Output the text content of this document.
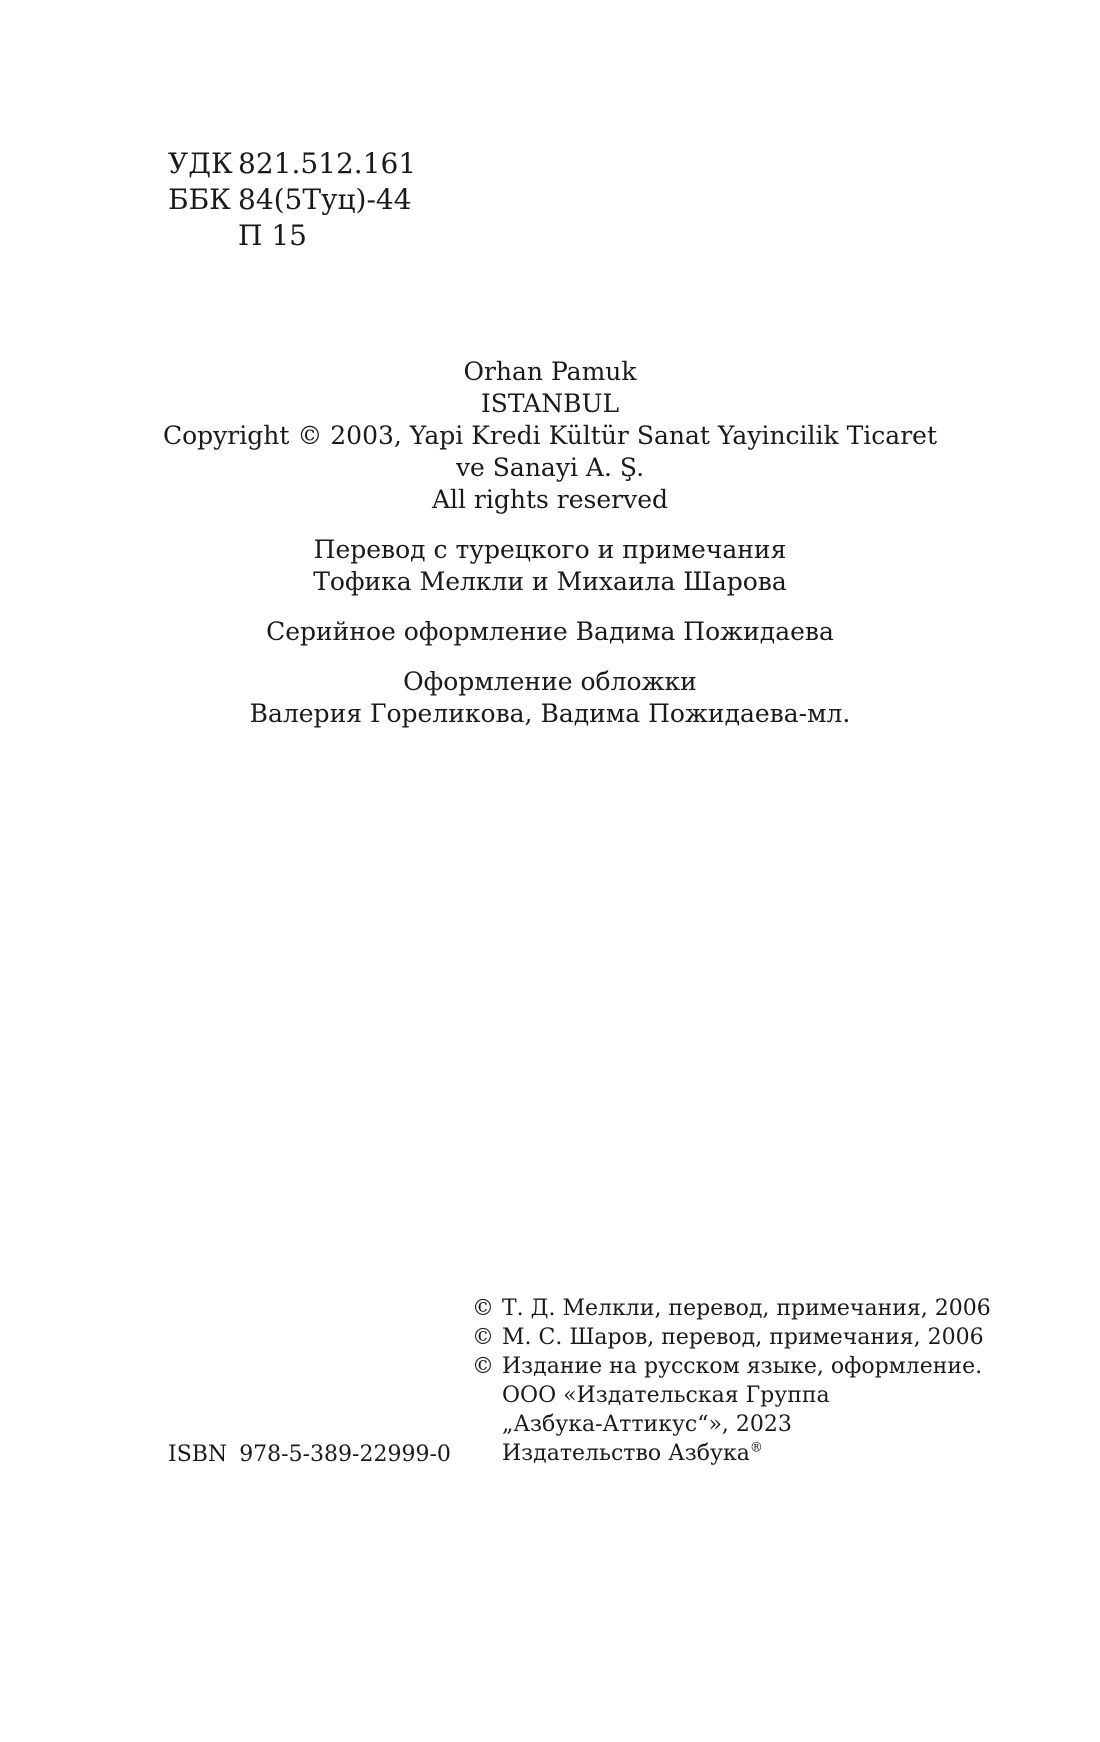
УДК 821.512.161
ББК 84(5Туц)-44
П 15
Orhan Pamuk
ISTANBUL
Copyright © 2003, Yapi Kredi Kültür Sanat Yayincilik Ticaret
ve Sanayi A. Ş.
All rights reserved
Перевод с турецкого и примечания
Тофика Мелкли и Михаила Шарова
Серийное оформление Вадима Пожидаева
Оформление обложки
Валерия Гореликова, Вадима Пожидаева-мл.
© Т. Д. Мелкли, перевод, примечания, 2006
© М. С. Шаров, перевод, примечания, 2006
© Издание на русском языке, оформление.
ООО «Издательская Группа
„Азбука-Аттикус“», 2023
Издательство Азбука®
ISBN 978-5-389-22999-0
